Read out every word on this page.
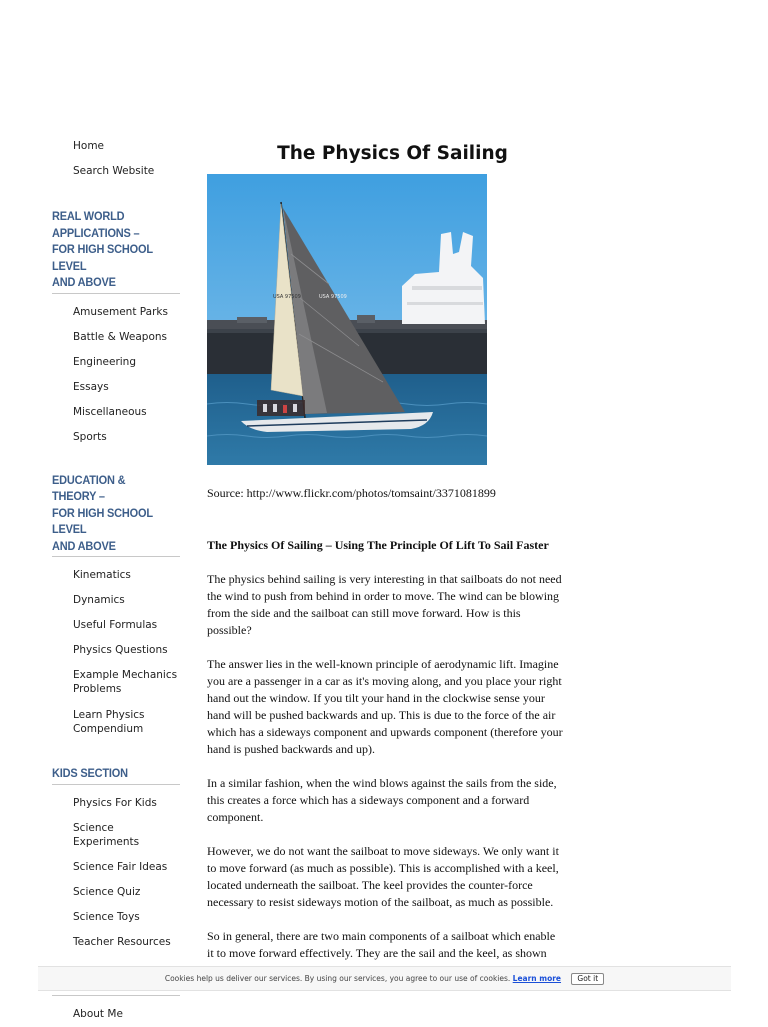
Home
Search Website
REAL WORLD
APPLICATIONS –
FOR HIGH SCHOOL LEVEL
AND ABOVE
Amusement Parks
Battle & Weapons
Engineering
Essays
Miscellaneous
Sports
EDUCATION & THEORY –
FOR HIGH SCHOOL LEVEL
AND ABOVE
Kinematics
Dynamics
Useful Formulas
Physics Questions
Example Mechanics Problems
Learn Physics Compendium
KIDS SECTION
Physics For Kids
Science Experiments
Science Fair Ideas
Science Quiz
Science Toys
Teacher Resources
About Me
The Physics Of Sailing
USA 97509	USA 97509
Source: http://www.flickr.com/photos/tomsaint/3371081899
The Physics Of Sailing – Using The Principle Of Lift To Sail Faster

The physics behind sailing is very interesting in that sailboats do not need the wind to push from behind in order to move. The wind can be blowing from the side and the sailboat can still move forward. How is this possible?

The answer lies in the well-known principle of aerodynamic lift. Imagine you are a passenger in a car as it's moving along, and you place your right hand out the window. If you tilt your hand in the clockwise sense your hand will be pushed backwards and up. This is due to the force of the air which has a sideways component and upwards component (therefore your hand is pushed backwards and up).

In a similar fashion, when the wind blows against the sails from the side, this creates a force which has a sideways component and a forward component.

However, we do not want the sailboat to move sideways. We only want it to move forward (as much as possible). This is accomplished with a keel, located underneath the sailboat. The keel provides the counter-force necessary to resist sideways motion of the sailboat, as much as possible.

So in general, there are two main components of a sailboat which enable it to move forward effectively. They are the sail and the keel, as shown

Cookies help us deliver our services. By using our services, you agree to our use of cookies. Learn more Got it
